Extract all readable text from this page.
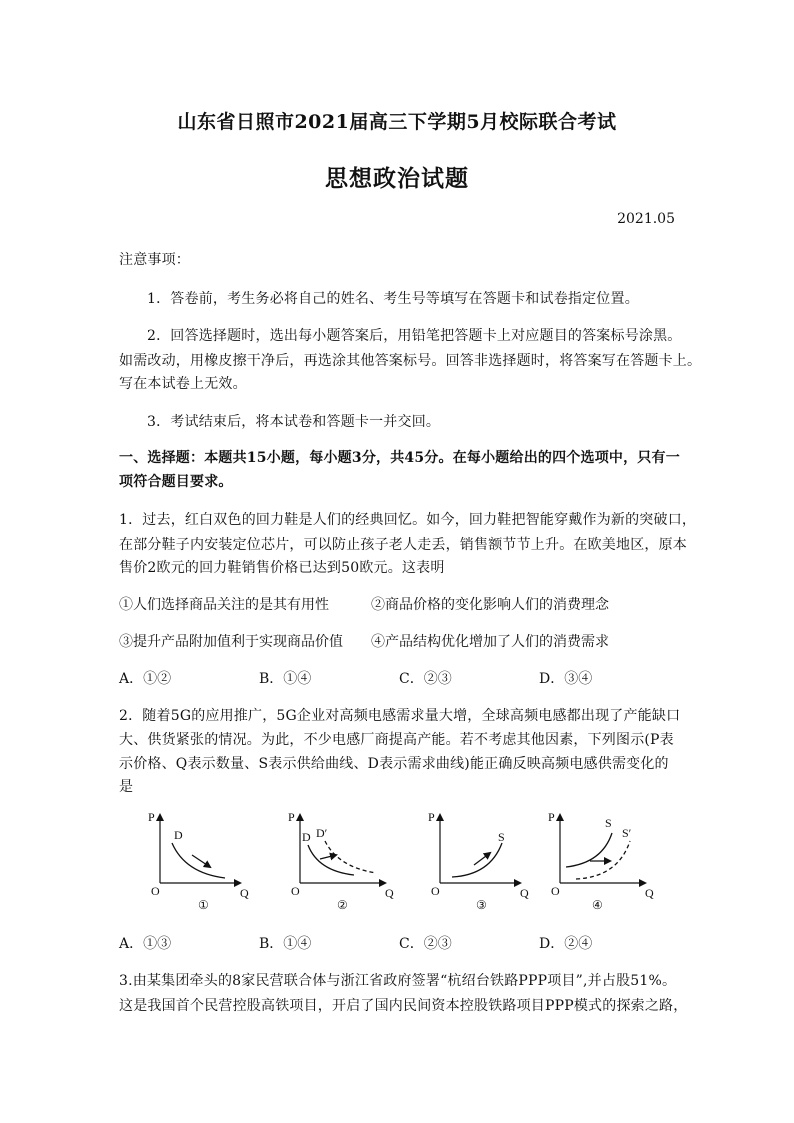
山东省日照市2021届高三下学期5月校际联合考试
思想政治试题
2021.05
注意事项：
1．答卷前，考生务必将自己的姓名、考生号等填写在答题卡和试卷指定位置。
2．回答选择题时，选出每小题答案后，用铅笔把答题卡上对应题目的答案标号涂黑。
如需改动，用橡皮擦干净后，再选涂其他答案标号。回答非选择题时，将答案写在答题卡上。
写在本试卷上无效。
3．考试结束后，将本试卷和答题卡一并交回。
一、选择题：本题共15小题，每小题3分，共45分。在每小题给出的四个选项中，只有一
项符合题目要求。
1．过去，红白双色的回力鞋是人们的经典回忆。如今，回力鞋把智能穿戴作为新的突破口，
在部分鞋子内安装定位芯片，可以防止孩子老人走丢，销售额节节上升。在欧美地区，原本
售价2欧元的回力鞋销售价格已达到50欧元。这表明
①人们选择商品关注的是其有用性	②商品价格的变化影响人们的消费理念
③提升产品附加值利于实现商品价值 ④产品结构优化增加了人们的消费需求
A．①②	B．①④	C．②③	D．③④
2．随着5G的应用推广，5G企业对高频电感需求量大增，全球高频电感都出现了产能缺口
大、供货紧张的情况。为此，不少电感厂商提高产能。若不考虑其他因素，下列图示(P表
示价格、Q表示数量、S表示供给曲线、D表示需求曲线)能正确反映高频电感供需变化的
是
P
Q
O
D
①
P
Q
O
D D′
②
P
Q
O
S
③
P
Q
O
S
S′
④
A．①③	B．①④	C．②③	D．②④
3.由某集团牵头的8家民营联合体与浙江省政府签署“杭绍台铁路PPP项目”,并占股51%。
这是我国首个民营控股高铁项目，开启了国内民间资本控股铁路项目PPP模式的探索之路，
